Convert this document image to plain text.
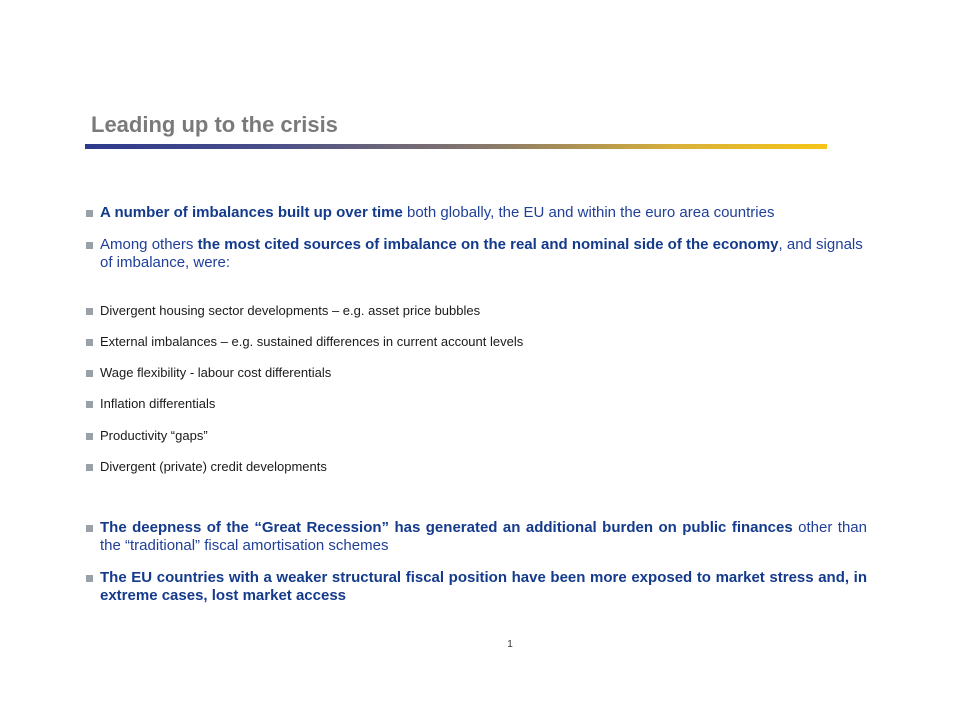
Leading up to the crisis
A number of imbalances built up over time both globally, the EU and within the euro area countries
Among others the most cited sources of imbalance on the real and nominal side of the economy, and signals of imbalance, were:
Divergent housing sector developments – e.g. asset price bubbles
External imbalances – e.g. sustained differences in current account levels
Wage flexibility - labour cost differentials
Inflation differentials
Productivity “gaps”
Divergent (private) credit developments
The deepness of the “Great Recession” has generated an additional burden on public finances other than the “traditional” fiscal amortisation schemes
The EU countries with a weaker structural fiscal position have been more exposed to market stress and, in extreme cases, lost market access
1
